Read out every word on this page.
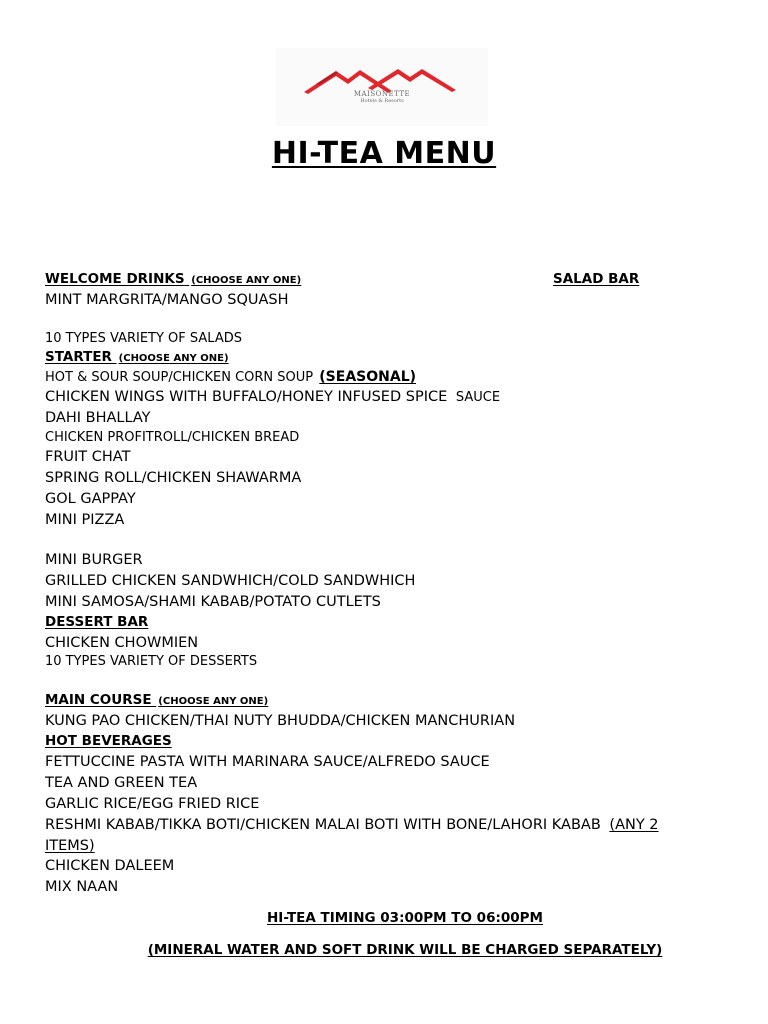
MAISONETTE
Hotels & Resorts
HI-TEA MENU
WELCOME DRINKS (CHOOSE ANY ONE)	SALAD BAR
MINT MARGRITA/MANGO SQUASH
10 TYPES VARIETY OF SALADS
STARTER (CHOOSE ANY ONE)
HOT & SOUR SOUP/CHICKEN CORN SOUP (SEASONAL)
CHICKEN WINGS WITH BUFFALO/HONEY INFUSED SPICE SAUCE
DAHI BHALLAY
CHICKEN PROFITROLL/CHICKEN BREAD
FRUIT CHAT
SPRING ROLL/CHICKEN SHAWARMA
GOL GAPPAY
MINI PIZZA
MINI BURGER
GRILLED CHICKEN SANDWHICH/COLD SANDWHICH
MINI SAMOSA/SHAMI KABAB/POTATO CUTLETS
DESSERT BAR
CHICKEN CHOWMIEN
10 TYPES VARIETY OF DESSERTS
MAIN COURSE (CHOOSE ANY ONE)
KUNG PAO CHICKEN/THAI NUTY BHUDDA/CHICKEN MANCHURIAN
HOT BEVERAGES
FETTUCCINE PASTA WITH MARINARA SAUCE/ALFREDO SAUCE
TEA AND GREEN TEA
GARLIC RICE/EGG FRIED RICE
RESHMI KABAB/TIKKA BOTI/CHICKEN MALAI BOTI WITH BONE/LAHORI KABAB (ANY 2
ITEMS)
CHICKEN DALEEM
MIX NAAN
HI-TEA TIMING 03:00PM TO 06:00PM
(MINERAL WATER AND SOFT DRINK WILL BE CHARGED SEPARATELY)
